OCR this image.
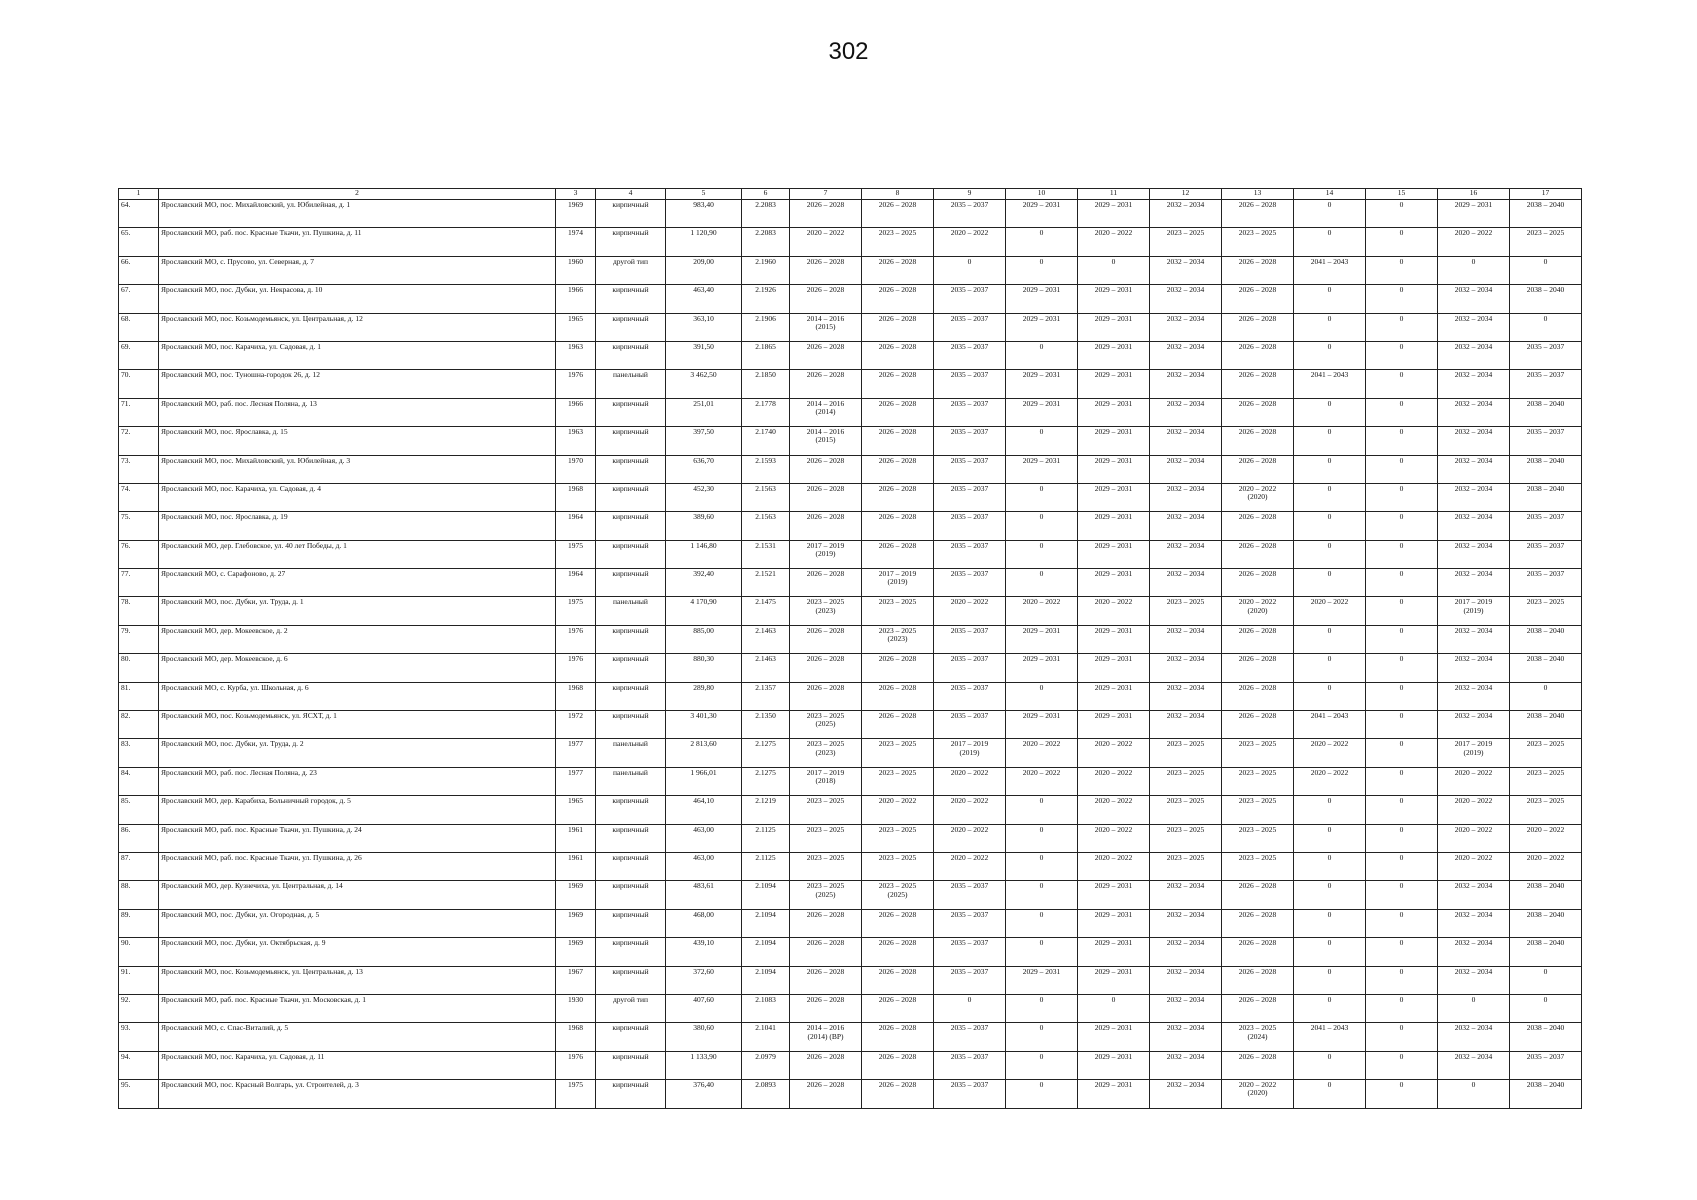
302
1	2	3	4	5	6	7	8	9	10	11	12	13	14	15	16	17
64.	Ярославский МО, пос. Михайловский, ул. Юбилейная, д. 1	1969	кирпичный	983,40	2.2083	2026 – 2028	2026 – 2028	2035 – 2037	2029 – 2031	2029 – 2031	2032 – 2034	2026 – 2028	0	0	2029 – 2031	2038 – 2040
65.	Ярославский МО, раб. пос. Красные Ткачи, ул. Пушкина, д. 11	1974	кирпичный	1 120,90	2.2083	2020 – 2022	2023 – 2025	2020 – 2022	0	2020 – 2022	2023 – 2025	2023 – 2025	0	0	2020 – 2022	2023 – 2025
66.	Ярославский МО, с. Прусово, ул. Северная, д. 7	1960	другой тип	209,00	2.1960	2026 – 2028	2026 – 2028	0	0	0	2032 – 2034	2026 – 2028	2041 – 2043	0	0	0
67.	Ярославский МО, пос. Дубки, ул. Некрасова, д. 10	1966	кирпичный	463,40	2.1926	2026 – 2028	2026 – 2028	2035 – 2037	2029 – 2031	2029 – 2031	2032 – 2034	2026 – 2028	0	0	2032 – 2034	2038 – 2040
68.	Ярославский МО, пос. Козьмодемьянск, ул. Центральная, д. 12	1965	кирпичный	363,10	2.1906	2014 – 2016
(2015)	2026 – 2028	2035 – 2037	2029 – 2031	2029 – 2031	2032 – 2034	2026 – 2028	0	0	2032 – 2034	0
69.	Ярославский МО, пос. Карачиха, ул. Садовая, д. 1	1963	кирпичный	391,50	2.1865	2026 – 2028	2026 – 2028	2035 – 2037	0	2029 – 2031	2032 – 2034	2026 – 2028	0	0	2032 – 2034	2035 – 2037
70.	Ярославский МО, пос. Туношна-городок 26, д. 12	1976	панельный	3 462,50	2.1850	2026 – 2028	2026 – 2028	2035 – 2037	2029 – 2031	2029 – 2031	2032 – 2034	2026 – 2028	2041 – 2043	0	2032 – 2034	2035 – 2037
71.	Ярославский МО, раб. пос. Лесная Поляна, д. 13	1966	кирпичный	251,01	2.1778	2014 – 2016
(2014)	2026 – 2028	2035 – 2037	2029 – 2031	2029 – 2031	2032 – 2034	2026 – 2028	0	0	2032 – 2034	2038 – 2040
72.	Ярославский МО, пос. Ярославка, д. 15	1963	кирпичный	397,50	2.1740	2014 – 2016
(2015)	2026 – 2028	2035 – 2037	0	2029 – 2031	2032 – 2034	2026 – 2028	0	0	2032 – 2034	2035 – 2037
73.	Ярославский МО, пос. Михайловский, ул. Юбилейная, д. 3	1970	кирпичный	636,70	2.1593	2026 – 2028	2026 – 2028	2035 – 2037	2029 – 2031	2029 – 2031	2032 – 2034	2026 – 2028	0	0	2032 – 2034	2038 – 2040
74.	Ярославский МО, пос. Карачиха, ул. Садовая, д. 4	1968	кирпичный	452,30	2.1563	2026 – 2028	2026 – 2028	2035 – 2037	0	2029 – 2031	2032 – 2034	2020 – 2022
(2020)	0	0	2032 – 2034	2038 – 2040
75.	Ярославский МО, пос. Ярославка, д. 19	1964	кирпичный	389,60	2.1563	2026 – 2028	2026 – 2028	2035 – 2037	0	2029 – 2031	2032 – 2034	2026 – 2028	0	0	2032 – 2034	2035 – 2037
76.	Ярославский МО, дер. Глебовское, ул. 40 лет Победы, д. 1	1975	кирпичный	1 146,80	2.1531	2017 – 2019
(2019)	2026 – 2028	2035 – 2037	0	2029 – 2031	2032 – 2034	2026 – 2028	0	0	2032 – 2034	2035 – 2037
77.	Ярославский МО, с. Сарафоново, д. 27	1964	кирпичный	392,40	2.1521	2026 – 2028	2017 – 2019
(2019)	2035 – 2037	0	2029 – 2031	2032 – 2034	2026 – 2028	0	0	2032 – 2034	2035 – 2037
78.	Ярославский МО, пос. Дубки, ул. Труда, д. 1	1975	панельный	4 170,90	2.1475	2023 – 2025
(2023)	2023 – 2025	2020 – 2022	2020 – 2022	2020 – 2022	2023 – 2025	2020 – 2022
(2020)	2020 – 2022	0	2017 – 2019
(2019)	2023 – 2025
79.	Ярославский МО, дер. Мокеевское, д. 2	1976	кирпичный	885,00	2.1463	2026 – 2028	2023 – 2025
(2023)	2035 – 2037	2029 – 2031	2029 – 2031	2032 – 2034	2026 – 2028	0	0	2032 – 2034	2038 – 2040
80.	Ярославский МО, дер. Мокеевское, д. 6	1976	кирпичный	880,30	2.1463	2026 – 2028	2026 – 2028	2035 – 2037	2029 – 2031	2029 – 2031	2032 – 2034	2026 – 2028	0	0	2032 – 2034	2038 – 2040
81.	Ярославский МО, с. Курба, ул. Школьная, д. 6	1968	кирпичный	289,80	2.1357	2026 – 2028	2026 – 2028	2035 – 2037	0	2029 – 2031	2032 – 2034	2026 – 2028	0	0	2032 – 2034	0
82.	Ярославский МО, пос. Козьмодемьянск, ул. ЯСХТ, д. 1	1972	кирпичный	3 401,30	2.1350	2023 – 2025
(2025)	2026 – 2028	2035 – 2037	2029 – 2031	2029 – 2031	2032 – 2034	2026 – 2028	2041 – 2043	0	2032 – 2034	2038 – 2040
83.	Ярославский МО, пос. Дубки, ул. Труда, д. 2	1977	панельный	2 813,60	2.1275	2023 – 2025
(2023)	2023 – 2025	2017 – 2019
(2019)	2020 – 2022	2020 – 2022	2023 – 2025	2023 – 2025	2020 – 2022	0	2017 – 2019
(2019)	2023 – 2025
84.	Ярославский МО, раб. пос. Лесная Поляна, д. 23	1977	панельный	1 966,01	2.1275	2017 – 2019
(2018)	2023 – 2025	2020 – 2022	2020 – 2022	2020 – 2022	2023 – 2025	2023 – 2025	2020 – 2022	0	2020 – 2022	2023 – 2025
85.	Ярославский МО, дер. Карабиха, Больничный городок, д. 5	1965	кирпичный	464,10	2.1219	2023 – 2025	2020 – 2022	2020 – 2022	0	2020 – 2022	2023 – 2025	2023 – 2025	0	0	2020 – 2022	2023 – 2025
86.	Ярославский МО, раб. пос. Красные Ткачи, ул. Пушкина, д. 24	1961	кирпичный	463,00	2.1125	2023 – 2025	2023 – 2025	2020 – 2022	0	2020 – 2022	2023 – 2025	2023 – 2025	0	0	2020 – 2022	2020 – 2022
87.	Ярославский МО, раб. пос. Красные Ткачи, ул. Пушкина, д. 26	1961	кирпичный	463,00	2.1125	2023 – 2025	2023 – 2025	2020 – 2022	0	2020 – 2022	2023 – 2025	2023 – 2025	0	0	2020 – 2022	2020 – 2022
88.	Ярославский МО, дер. Кузнечиха, ул. Центральная, д. 14	1969	кирпичный	483,61	2.1094	2023 – 2025
(2025)	2023 – 2025
(2025)	2035 – 2037	0	2029 – 2031	2032 – 2034	2026 – 2028	0	0	2032 – 2034	2038 – 2040
89.	Ярославский МО, пос. Дубки, ул. Огородная, д. 5	1969	кирпичный	468,00	2.1094	2026 – 2028	2026 – 2028	2035 – 2037	0	2029 – 2031	2032 – 2034	2026 – 2028	0	0	2032 – 2034	2038 – 2040
90.	Ярославский МО, пос. Дубки, ул. Октябрьская, д. 9	1969	кирпичный	439,10	2.1094	2026 – 2028	2026 – 2028	2035 – 2037	0	2029 – 2031	2032 – 2034	2026 – 2028	0	0	2032 – 2034	2038 – 2040
91.	Ярославский МО, пос. Козьмодемьянск, ул. Центральная, д. 13	1967	кирпичный	372,60	2.1094	2026 – 2028	2026 – 2028	2035 – 2037	2029 – 2031	2029 – 2031	2032 – 2034	2026 – 2028	0	0	2032 – 2034	0
92.	Ярославский МО, раб. пос. Красные Ткачи, ул. Московская, д. 1	1930	другой тип	407,60	2.1083	2026 – 2028	2026 – 2028	0	0	0	2032 – 2034	2026 – 2028	0	0	0	0
93.	Ярославский МО, с. Спас-Виталий, д. 5	1968	кирпичный	380,60	2.1041	2014 – 2016
(2014) (ВР)	2026 – 2028	2035 – 2037	0	2029 – 2031	2032 – 2034	2023 – 2025
(2024)	2041 – 2043	0	2032 – 2034	2038 – 2040
94.	Ярославский МО, пос. Карачиха, ул. Садовая, д. 11	1976	кирпичный	1 133,90	2.0979	2026 – 2028	2026 – 2028	2035 – 2037	0	2029 – 2031	2032 – 2034	2026 – 2028	0	0	2032 – 2034	2035 – 2037
95.	Ярославский МО, пос. Красный Волгарь, ул. Строителей, д. 3	1975	кирпичный	376,40	2.0893	2026 – 2028	2026 – 2028	2035 – 2037	0	2029 – 2031	2032 – 2034	2020 – 2022
(2020)	0	0	0	2038 – 2040
